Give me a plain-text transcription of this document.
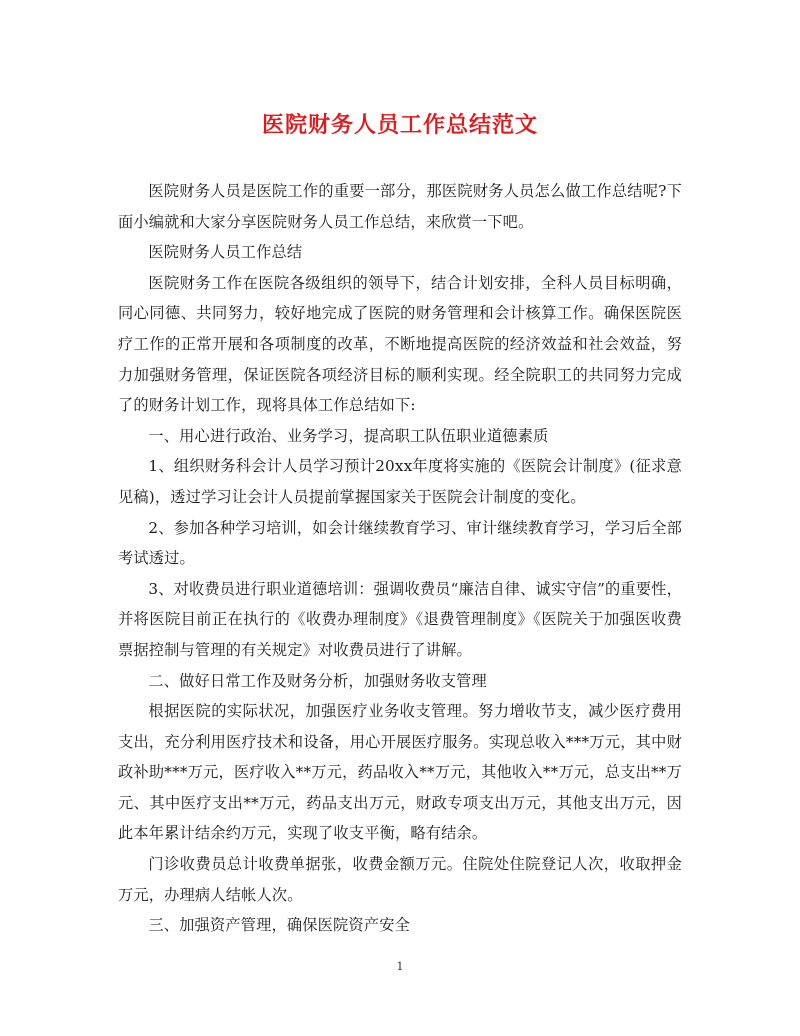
医院财务人员工作总结范文

医院财务人员是医院工作的重要一部分，那医院财务人员怎么做工作总结呢?下面小编就和大家分享医院财务人员工作总结，来欣赏一下吧。

医院财务人员工作总结

医院财务工作在医院各级组织的领导下，结合计划安排，全科人员目标明确，同心同德、共同努力，较好地完成了医院的财务管理和会计核算工作。确保医院医疗工作的正常开展和各项制度的改革，不断地提高医院的经济效益和社会效益，努力加强财务管理，保证医院各项经济目标的顺利实现。经全院职工的共同努力完成了的财务计划工作，现将具体工作总结如下:

一、用心进行政治、业务学习，提高职工队伍职业道德素质

1、组织财务科会计人员学习预计20xx年度将实施的《医院会计制度》(征求意见稿)，透过学习让会计人员提前掌握国家关于医院会计制度的变化。

2、参加各种学习培训，如会计继续教育学习、审计继续教育学习，学习后全部考试透过。

3、对收费员进行职业道德培训：强调收费员“廉洁自律、诚实守信”的重要性，并将医院目前正在执行的《收费办理制度》《退费管理制度》《医院关于加强医收费票据控制与管理的有关规定》对收费员进行了讲解。

二、做好日常工作及财务分析，加强财务收支管理

根据医院的实际状况，加强医疗业务收支管理。努力增收节支，减少医疗费用支出，充分利用医疗技术和设备，用心开展医疗服务。实现总收入***万元，其中财政补助***万元，医疗收入**万元，药品收入**万元，其他收入**万元，总支出**万元、其中医疗支出**万元，药品支出万元，财政专项支出万元，其他支出万元，因此本年累计结余约万元，实现了收支平衡，略有结余。

门诊收费员总计收费单据张，收费金额万元。住院处住院登记人次，收取押金万元，办理病人结帐人次。

三、加强资产管理，确保医院资产安全

1
